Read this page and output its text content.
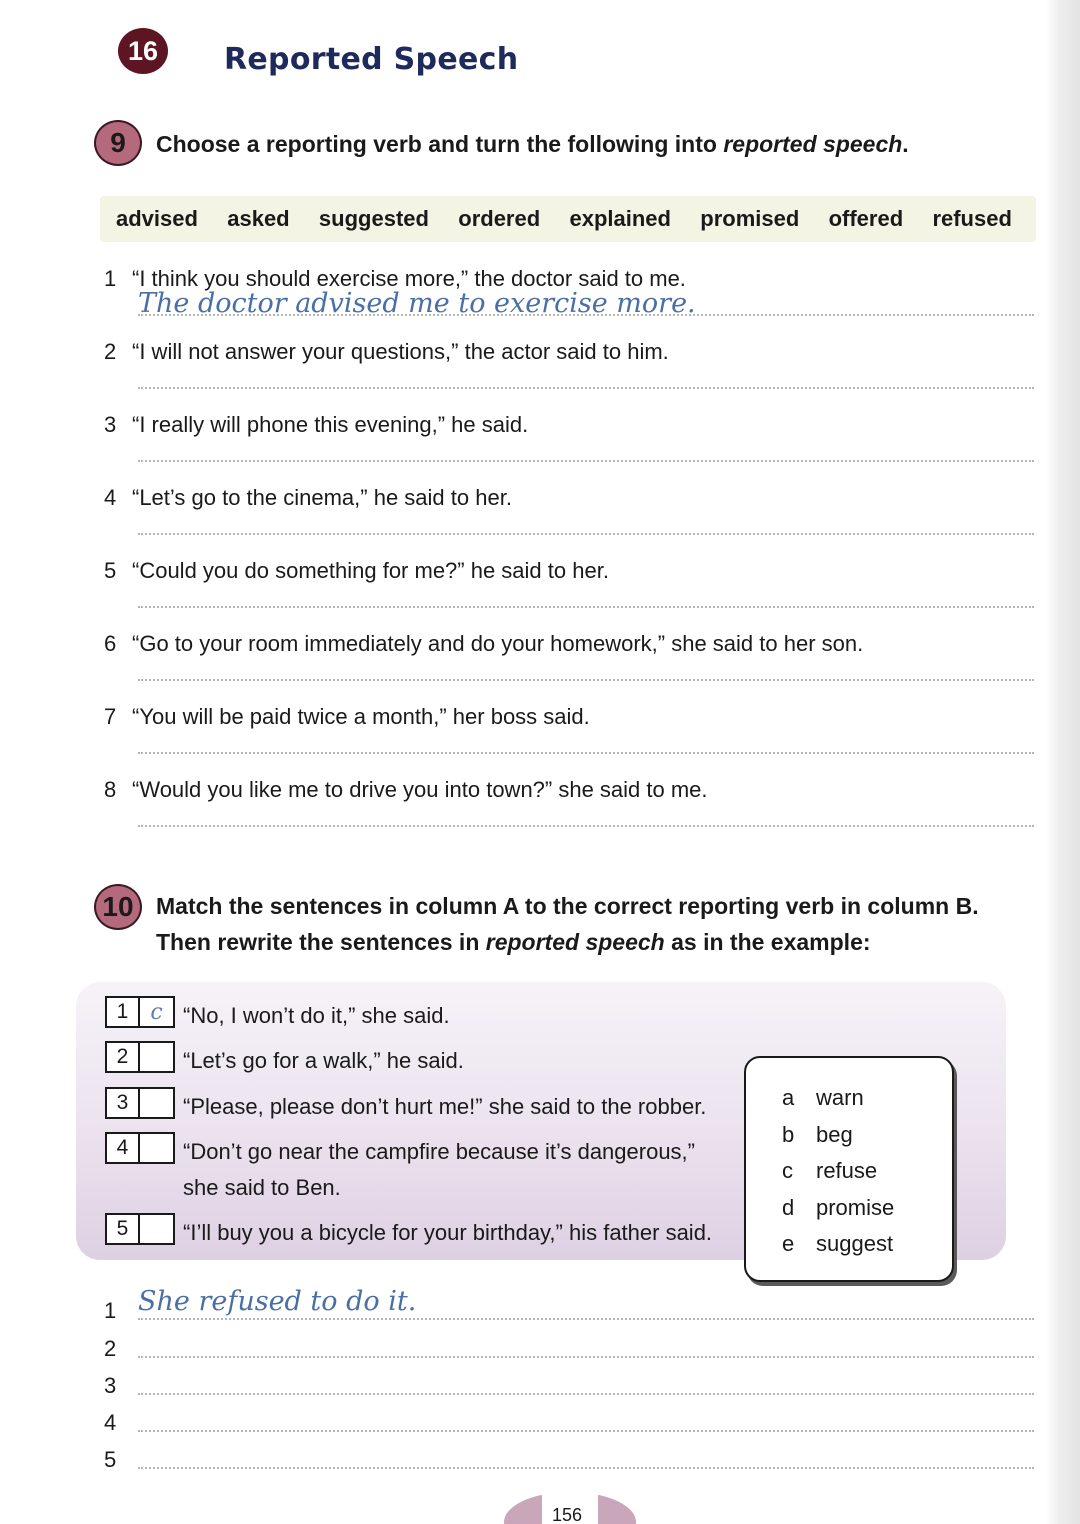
16	Reported Speech
9	Choose a reporting verb and turn the following into reported speech.
advised asked suggested ordered explained promised offered refused
1 “I think you should exercise more,” the doctor said to me.
The doctor advised me to exercise more.
2 “I will not answer your questions,” the actor said to him.
3 “I really will phone this evening,” he said.
4 “Let’s go to the cinema,” he said to her.
5 “Could you do something for me?” he said to her.
6 “Go to your room immediately and do your homework,” she said to her son.
7 “You will be paid twice a month,” her boss said.
8 “Would you like me to drive you into town?” she said to me.
10 Match the sentences in column A to the correct reporting verb in column B.
Then rewrite the sentences in reported speech as in the example:
1 c “No, I won’t do it,” she said.
2	“Let’s go for a walk,” he said.
3	“Please, please don’t hurt me!” she said to the robber.
4	“Don’t go near the campfire because it’s dangerous,”
she said to Ben.
5	“I’ll buy you a bicycle for your birthday,” his father said.
a warn
b beg
c	refuse
d promise
e suggest
1 She refused to do it.
2
3
4
5
156
